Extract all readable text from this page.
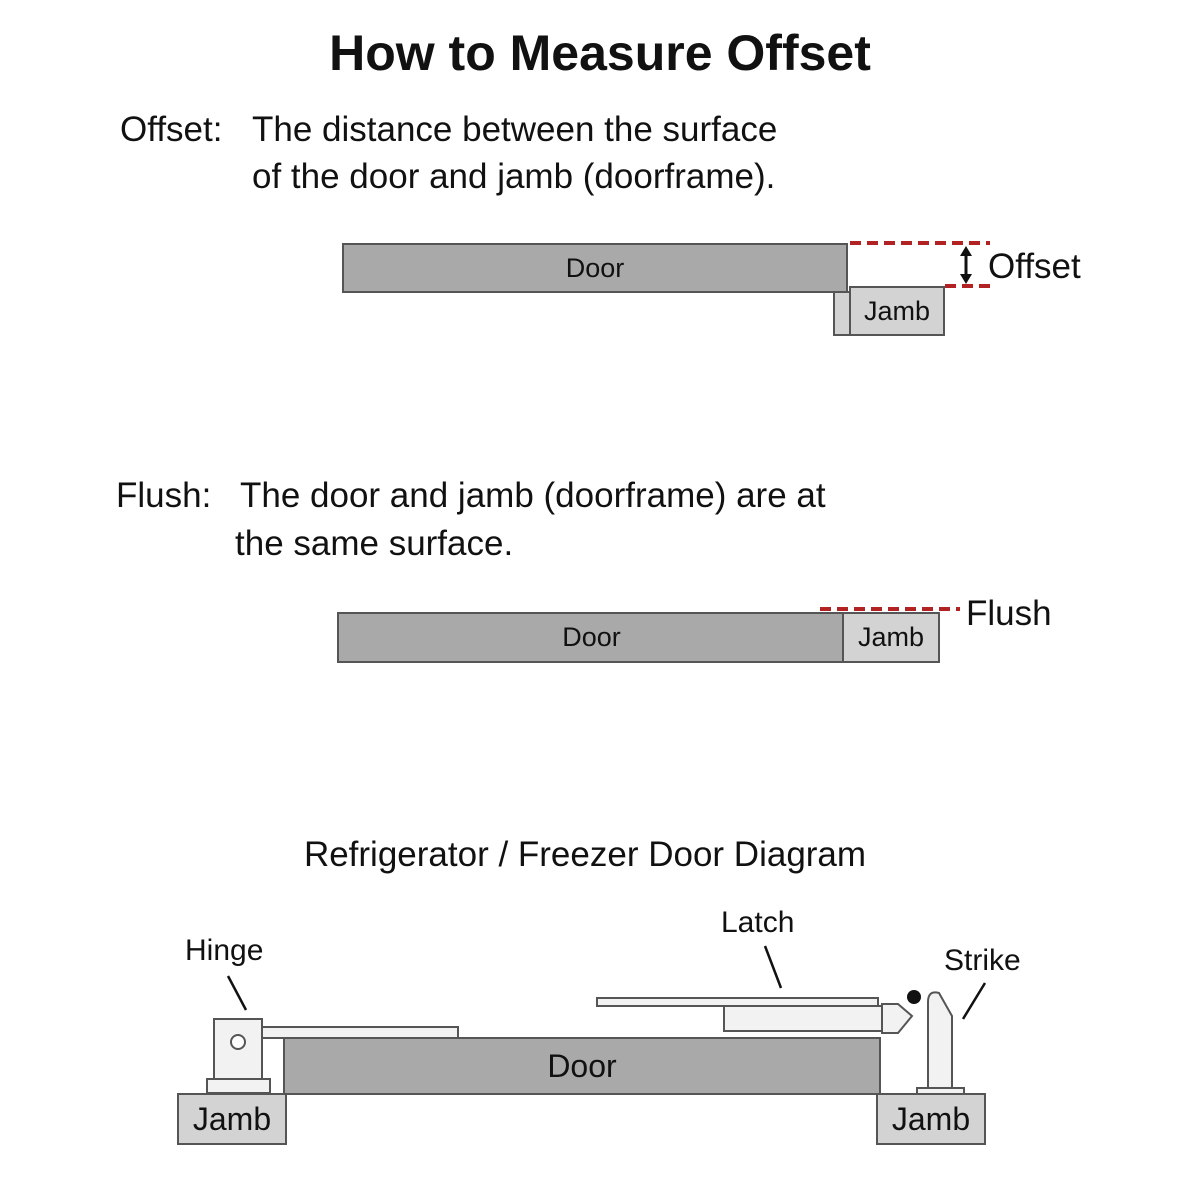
How to Measure Offset
Offset: The distance between the surface
of the door and jamb (doorframe).
Door
Jamb
Offset
Flush: The door and jamb (doorframe) are at
the same surface.
Door	Jamb
Flush
Refrigerator / Freezer Door Diagram
Hinge
Latch
Strike
Door
Jamb	Jamb
